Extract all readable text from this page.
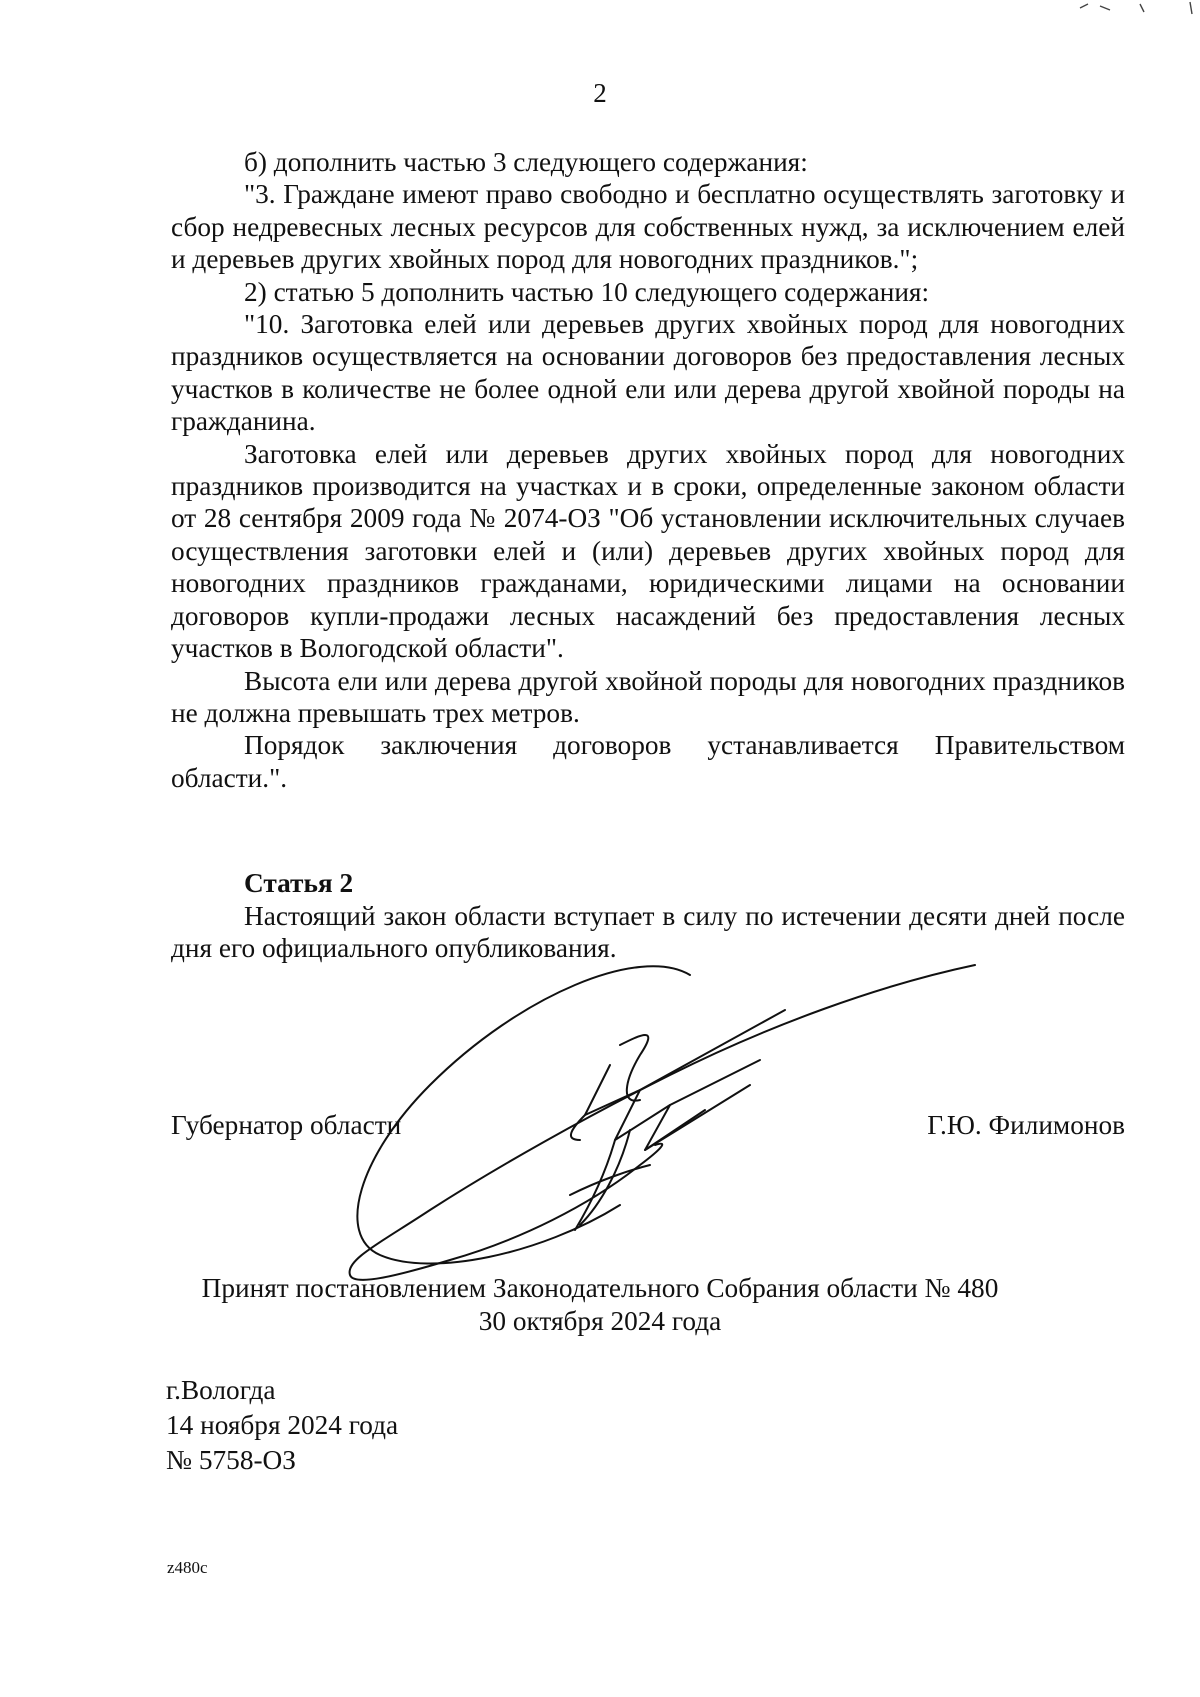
2

б) дополнить частью 3 следующего содержания:

"3. Граждане имеют право свободно и бесплатно осуществлять заготовку и сбор недревесных лесных ресурсов для собственных нужд, за исключением елей и деревьев других хвойных пород для новогодних праздников.";

2) статью 5 дополнить частью 10 следующего содержания:

"10. Заготовка елей или деревьев других хвойных пород для новогодних праздников осуществляется на основании договоров без предоставления лесных участков в количестве не более одной ели или дерева другой хвойной породы на гражданина.

Заготовка елей или деревьев других хвойных пород для новогодних праздников производится на участках и в сроки, определенные законом области от 28 сентября 2009 года № 2074-ОЗ "Об установлении исключительных случаев осуществления заготовки елей и (или) деревьев других хвойных пород для новогодних праздников гражданами, юридическими лицами на основании договоров купли-продажи лесных насаждений без предоставления лесных участков в Вологодской области".

Высота ели или дерева другой хвойной породы для новогодних праздников не должна превышать трех метров.

Порядок заключения договоров устанавливается Правительством области.".

Статья 2

Настоящий закон области вступает в силу по истечении десяти дней после дня его официального опубликования.

Губернатор области	Г.Ю. Филимонов
Принят постановлением Законодательного Собрания области № 480
30 октября 2024 года
г.Вологда
14 ноября 2024 года
№ 5758-ОЗ
z480c
